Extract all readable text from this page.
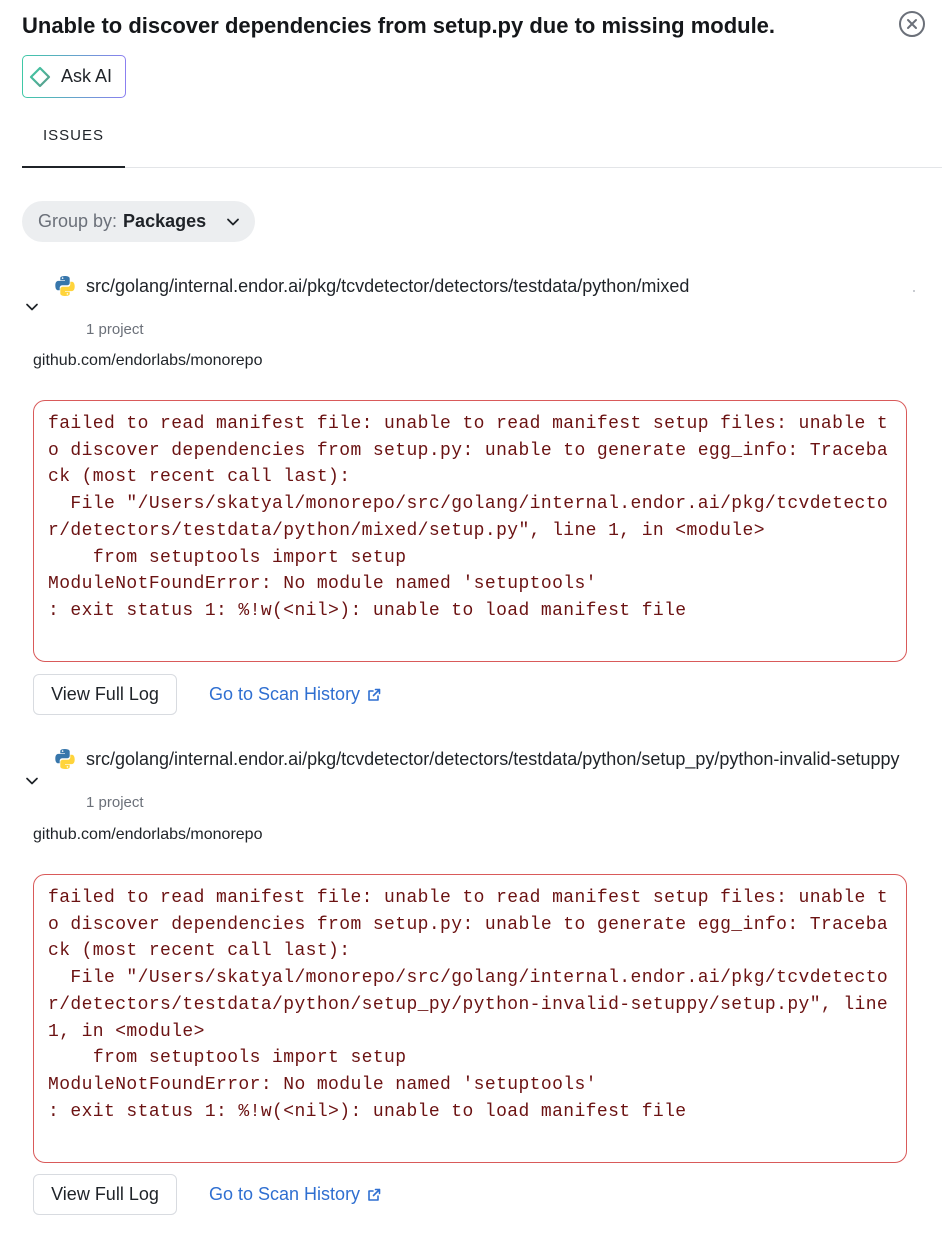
Unable to discover dependencies from setup.py due to missing module.
Ask AI
ISSUES
Group by: Packages
src/golang/internal.endor.ai/pkg/tcvdetector/detectors/testdata/python/mixed
1 project
github.com/endorlabs/monorepo
failed to read manifest file: unable to read manifest setup files: unable to discover dependencies from setup.py: unable to generate egg_info: Traceback (most recent call last):
File "/Users/skatyal/monorepo/src/golang/internal.endor.ai/pkg/tcvdetector/detectors/testdata/python/mixed/setup.py", line 1, in <module>
from setuptools import setup
ModuleNotFoundError: No module named 'setuptools'
: exit status 1: %!w(<nil>): unable to load manifest file
View Full Log	Go to Scan History
src/golang/internal.endor.ai/pkg/tcvdetector/detectors/testdata/python/setup_py/python-invalid-setuppy
1 project
github.com/endorlabs/monorepo
failed to read manifest file: unable to read manifest setup files: unable to discover dependencies from setup.py: unable to generate egg_info: Traceback (most recent call last):
File "/Users/skatyal/monorepo/src/golang/internal.endor.ai/pkg/tcvdetector/detectors/testdata/python/setup_py/python-invalid-setuppy/setup.py", line 1, in <module>
from setuptools import setup
ModuleNotFoundError: No module named 'setuptools'
: exit status 1: %!w(<nil>): unable to load manifest file
View Full Log	Go to Scan History
